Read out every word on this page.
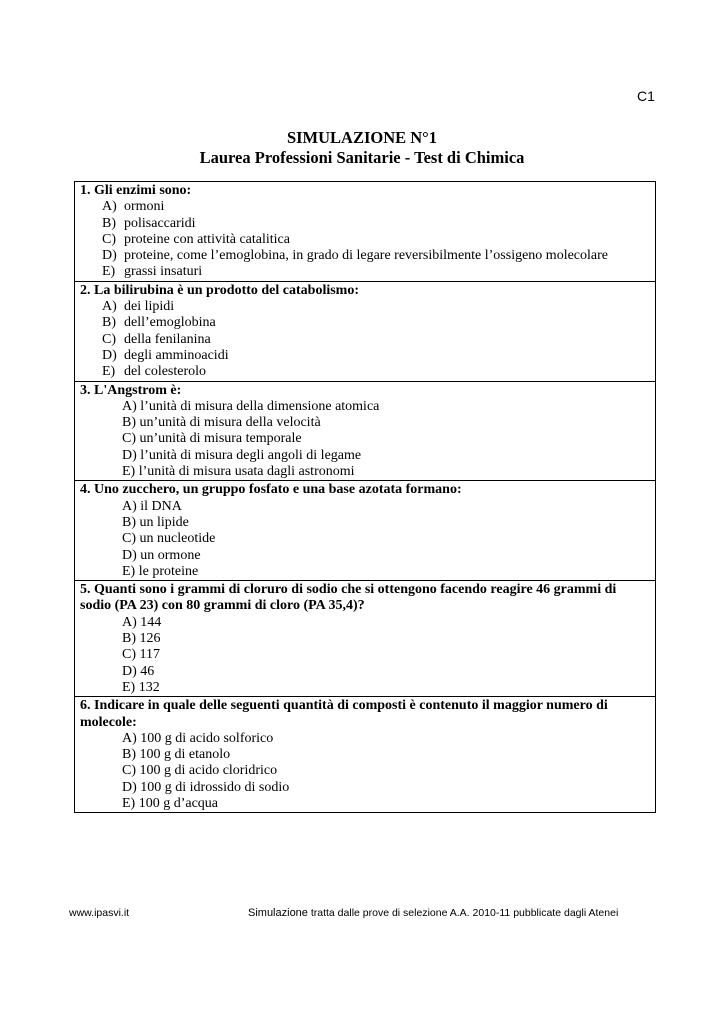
C1
SIMULAZIONE N°1
Laurea Professioni Sanitarie - Test di Chimica
1. Gli enzimi sono:
A) ormoni
B) polisaccaridi
C) proteine con attività catalitica
D) proteine, come l’emoglobina, in grado di legare reversibilmente l’ossigeno molecolare
E) grassi insaturi

2. La bilirubina è un prodotto del catabolismo:
A) dei lipidi
B) dell’emoglobina
C) della fenilanina
D) degli amminoacidi
E) del colesterolo

3. L'Angstrom è:
A) l’unità di misura della dimensione atomica
B) un’unità di misura della velocità
C) un’unità di misura temporale
D) l’unità di misura degli angoli di legame
E) l’unità di misura usata dagli astronomi

4. Uno zucchero, un gruppo fosfato e una base azotata formano:
A) il DNA
B) un lipide
C) un nucleotide
D) un ormone
E) le proteine

5. Quanti sono i grammi di cloruro di sodio che si ottengono facendo reagire 46 grammi di sodio (PA 23) con 80 grammi di cloro (PA 35,4)?
A) 144
B) 126
C) 117
D) 46
E) 132

6. Indicare in quale delle seguenti quantità di composti è contenuto il maggior numero di molecole:
A) 100 g di acido solforico
B) 100 g di etanolo
C) 100 g di acido cloridrico
D) 100 g di idrossido di sodio
E) 100 g d’acqua
www.ipasvi.it	Simulazione tratta dalle prove di selezione A.A. 2010-11 pubblicate dagli Atenei
